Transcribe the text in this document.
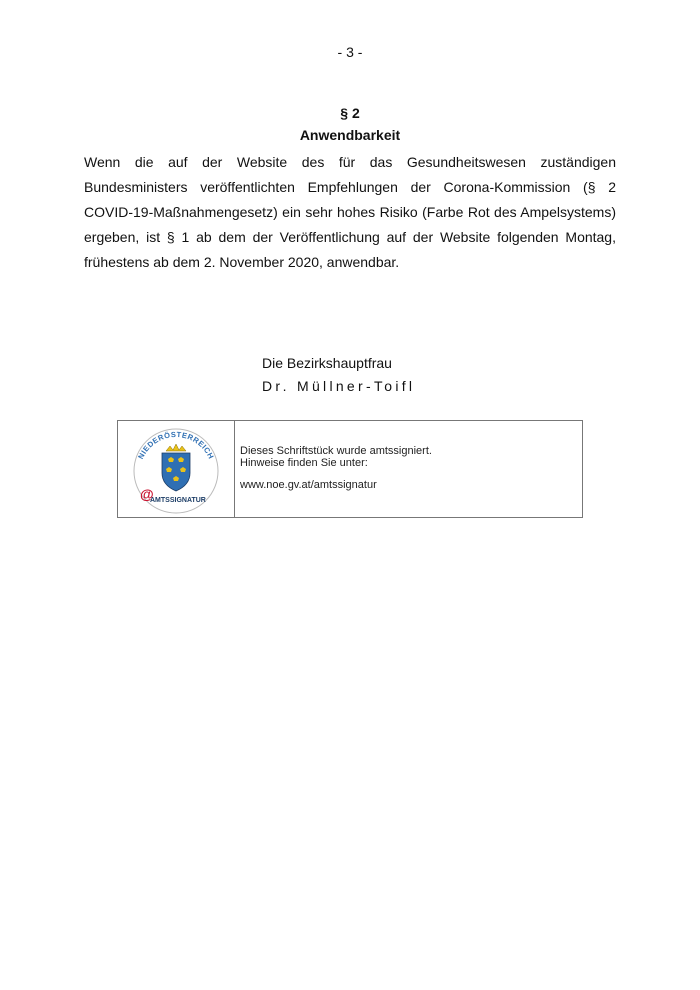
- 3 -
§ 2
Anwendbarkeit

Wenn die auf der Website des für das Gesundheitswesen zuständigen
Bundesministers veröffentlichten Empfehlungen der Corona-Kommission (§ 2
COVID-19-Maßnahmengesetz) ein sehr hohes Risiko (Farbe Rot des Ampelsystems)
ergeben, ist § 1 ab dem der Veröffentlichung auf der Website folgenden Montag,
frühestens ab dem 2. November 2020, anwendbar.

Die Bezirkshauptfrau
Dr. Müllner-Toifl
NIEDERÖSTERREICH
@
AMTSSIGNATUR
Dieses Schriftstück wurde amtssigniert.
Hinweise finden Sie unter:
www.noe.gv.at/amtssignatur
